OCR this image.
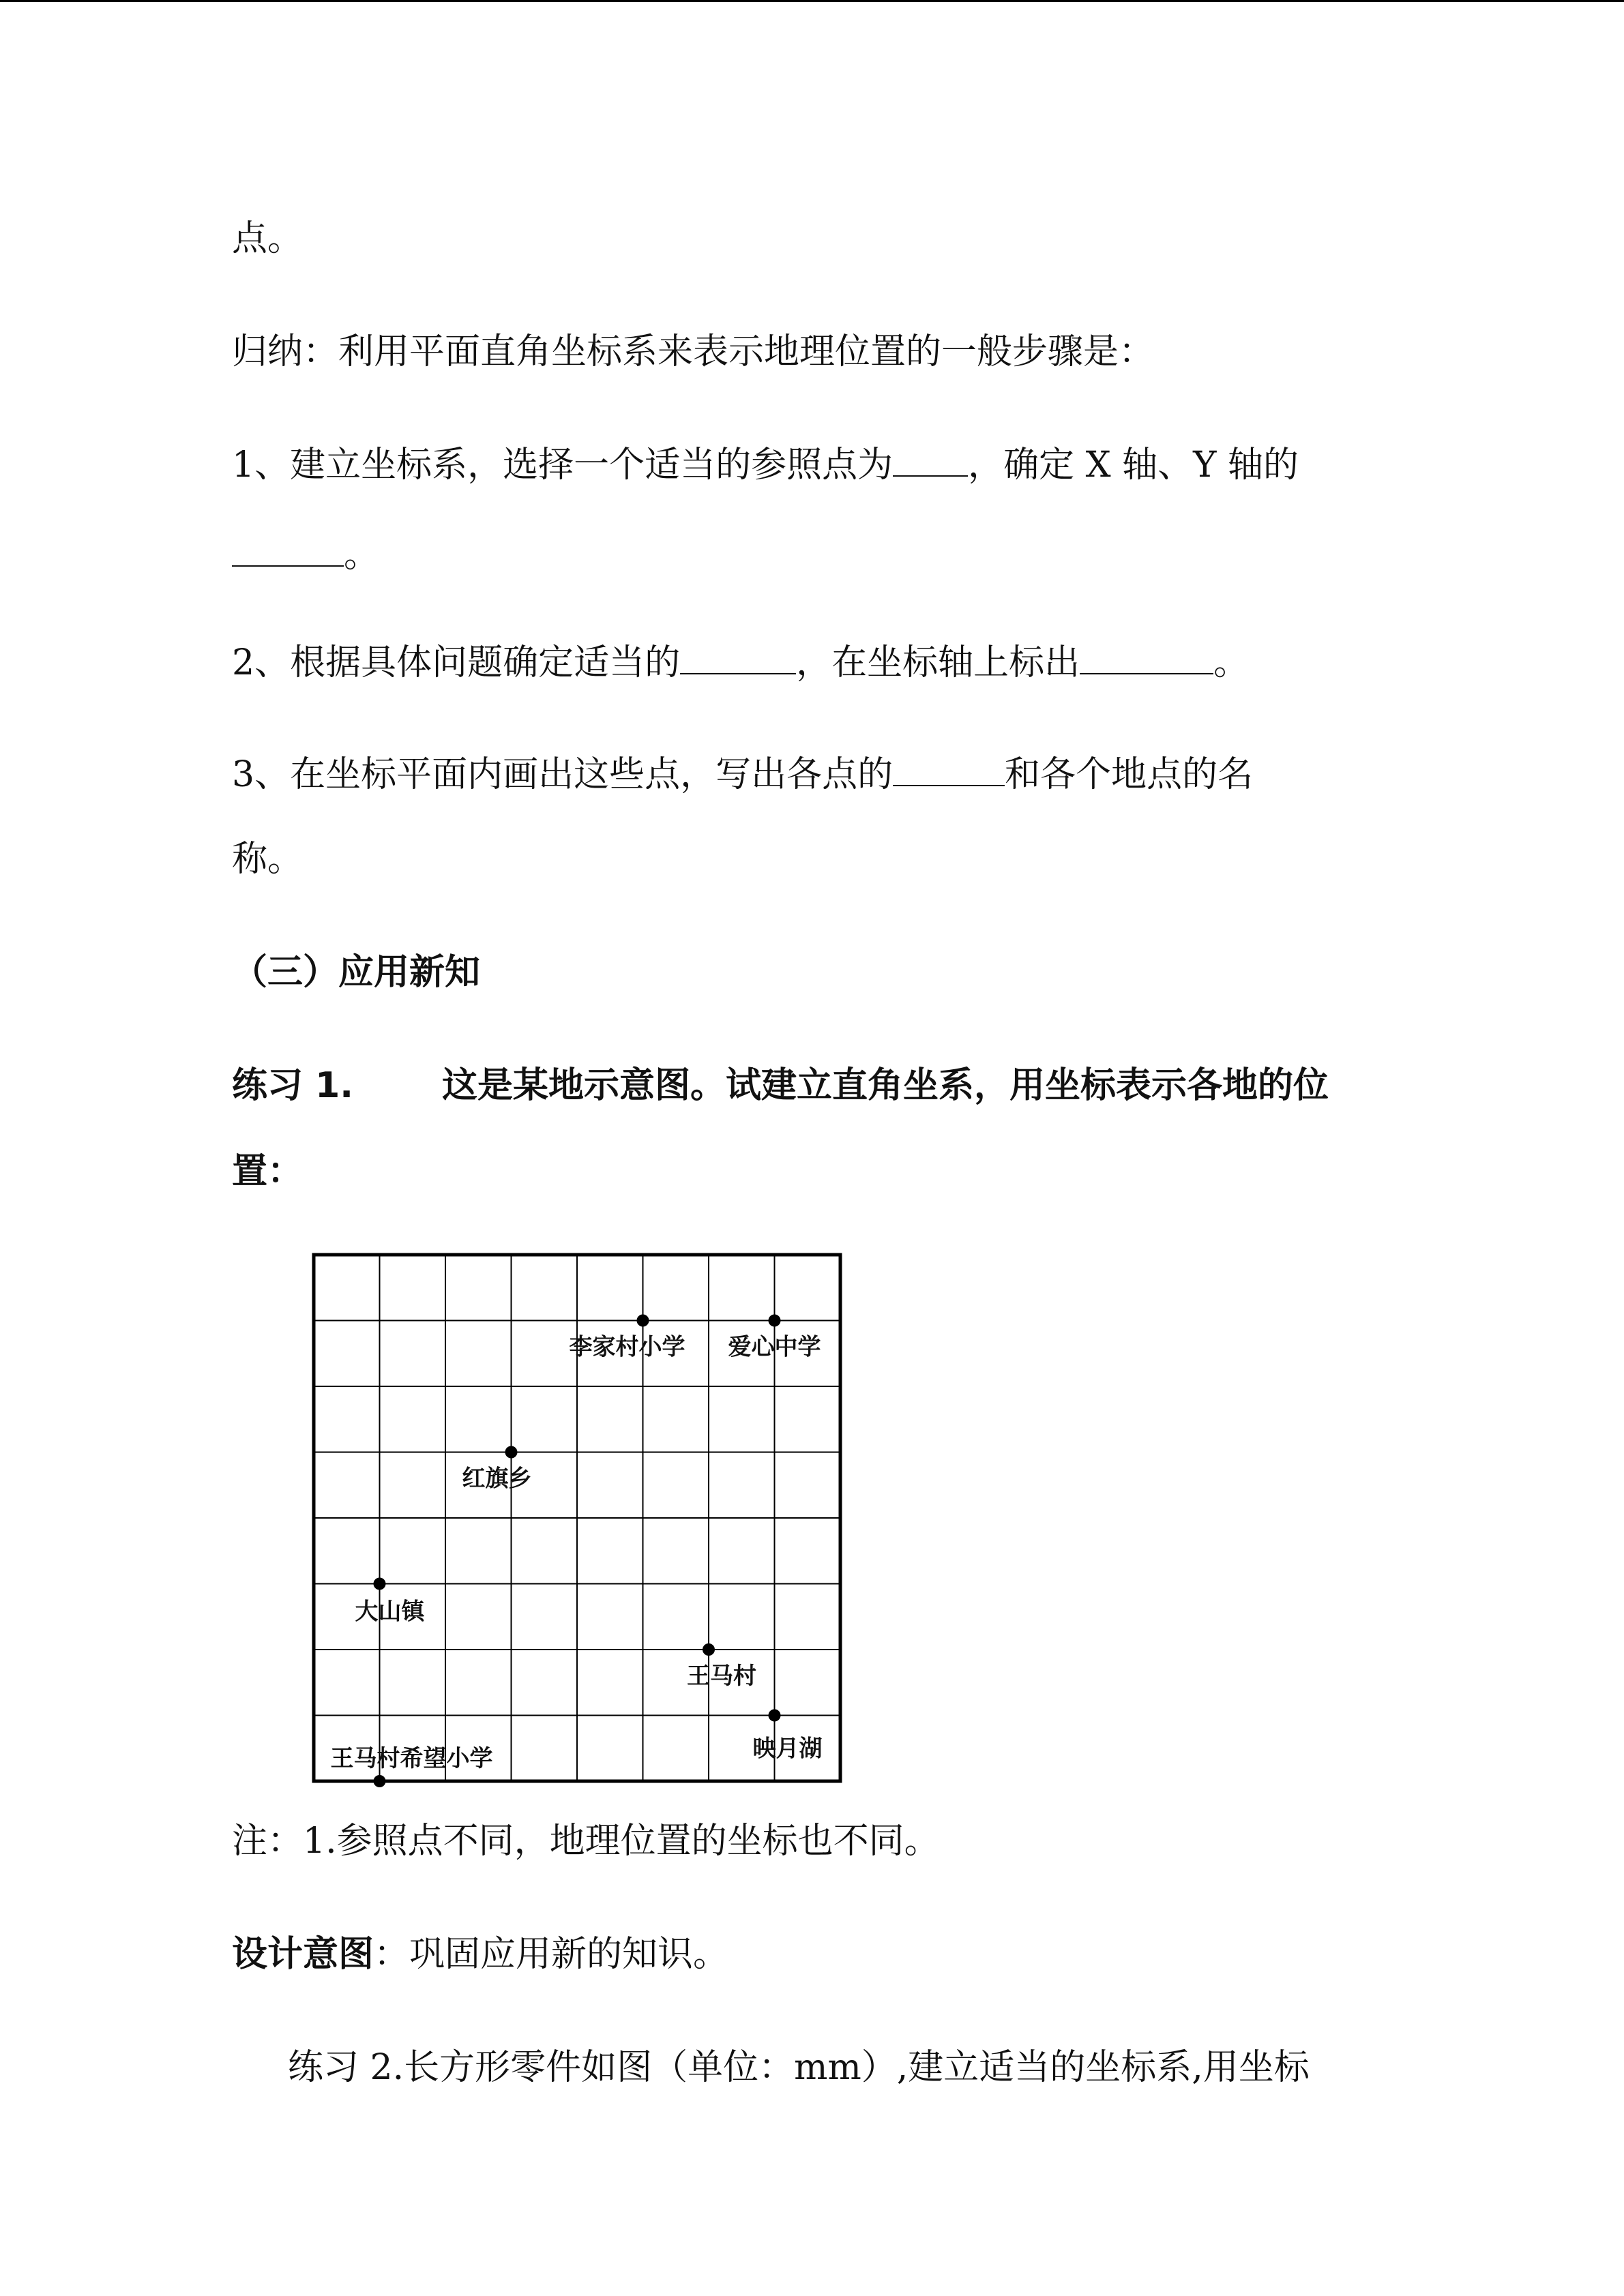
点。
归纳：利用平面直角坐标系来表示地理位置的一般步骤是：
1、建立坐标系，选择一个适当的参照点为 ，确定 X 轴、Y 轴的
。
2、根据具体问题确定适当的	，在坐标轴上标出	。
3、在坐标平面内画出这些点，写出各点的	和各个地点的名
称。
（三）应用新知
练习 1.	这是某地示意图。试建立直角坐系，用坐标表示各地的位
置：
李家村小学 爱心中学
红旗乡
大山镇
王马村
映月湖
王马村希望小学
注：1.参照点不同，地理位置的坐标也不同。
设计意图：巩固应用新的知识。
练习 2.长方形零件如图（单位：mm）,建立适当的坐标系,用坐标
